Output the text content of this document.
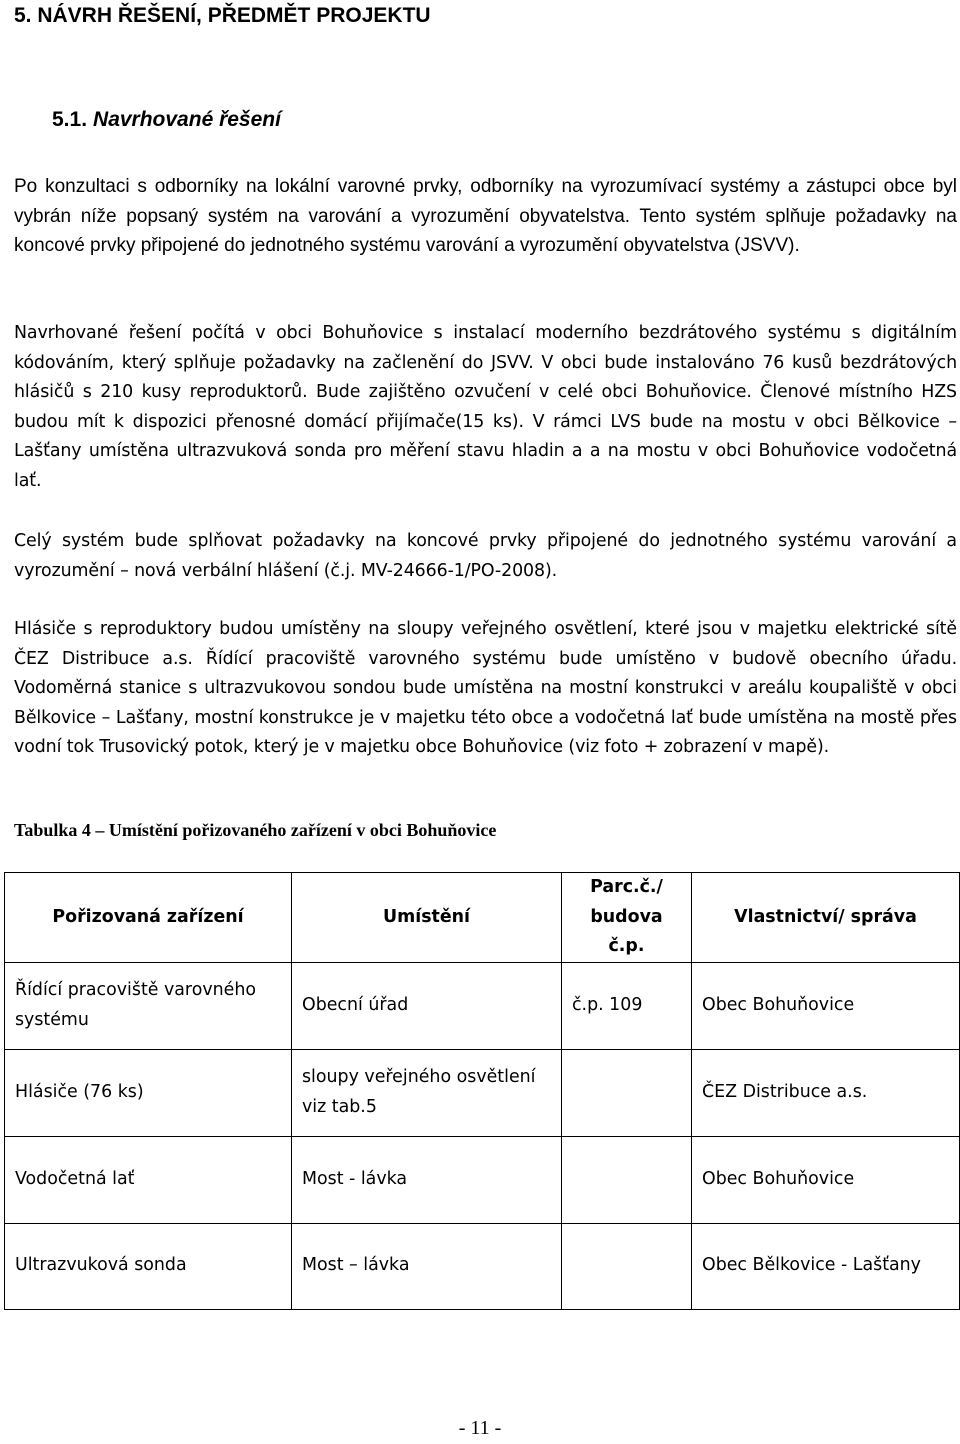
5. NÁVRH ŘEŠENÍ, PŘEDMĚT PROJEKTU
5.1. Navrhované řešení

Po konzultaci s odborníky na lokální varovné prvky, odborníky na vyrozumívací systémy a zástupci obce byl vybrán níže popsaný systém na varování a vyrozumění obyvatelstva. Tento systém splňuje požadavky na koncové prvky připojené do jednotného systému varování a vyrozumění obyvatelstva (JSVV).

Navrhované řešení počítá v obci Bohuňovice s instalací moderního bezdrátového systému s digitálním kódováním, který splňuje požadavky na začlenění do JSVV. V obci bude instalováno 76 kusů bezdrátových hlásičů s 210 kusy reproduktorů. Bude zajištěno ozvučení v celé obci Bohuňovice. Členové místního HZS budou mít k dispozici přenosné domácí přijímače(15 ks). V rámci LVS bude na mostu v obci Bělkovice – Lašťany umístěna ultrazvuková sonda pro měření stavu hladin a a na mostu v obci Bohuňovice vodočetná lať.

Celý systém bude splňovat požadavky na koncové prvky připojené do jednotného systému varování a vyrozumění – nová verbální hlášení (č.j. MV-24666-1/PO-2008).

Hlásiče s reproduktory budou umístěny na sloupy veřejného osvětlení, které jsou v majetku elektrické sítě ČEZ Distribuce a.s. Řídící pracoviště varovného systému bude umístěno v budově obecního úřadu. Vodoměrná stanice s ultrazvukovou sondou bude umístěna na mostní konstrukci v areálu koupaliště v obci Bělkovice – Lašťany, mostní konstrukce je v majetku této obce a vodočetná lať bude umístěna na mostě přes vodní tok Trusovický potok, který je v majetku obce Bohuňovice (viz foto + zobrazení v mapě).

Tabulka 4 – Umístění pořizovaného zařízení v obci Bohuňovice

Pořizovaná zařízení	Umístění	Parc.č./ budova č.p.	Vlastnictví/ správa
Řídící pracoviště varovného systému	Obecní úřad	č.p. 109	Obec Bohuňovice
Hlásiče (76 ks)	sloupy veřejného osvětlení viz tab.5		ČEZ Distribuce a.s.
Vodočetná lať	Most - lávka		Obec Bohuňovice
Ultrazvuková sonda	Most – lávka		Obec Bělkovice - Lašťany

- 11 -
